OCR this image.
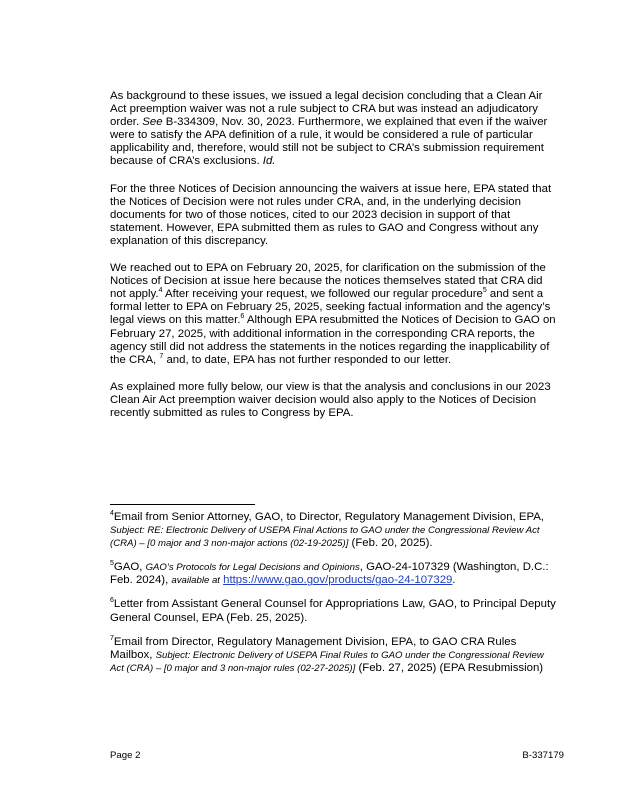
As background to these issues, we issued a legal decision concluding that a Clean Air Act preemption waiver was not a rule subject to CRA but was instead an adjudicatory order. See B-334309, Nov. 30, 2023. Furthermore, we explained that even if the waiver were to satisfy the APA definition of a rule, it would be considered a rule of particular applicability and, therefore, would still not be subject to CRA’s submission requirement because of CRA’s exclusions. Id.

For the three Notices of Decision announcing the waivers at issue here, EPA stated that the Notices of Decision were not rules under CRA, and, in the underlying decision documents for two of those notices, cited to our 2023 decision in support of that statement. However, EPA submitted them as rules to GAO and Congress without any explanation of this discrepancy.

We reached out to EPA on February 20, 2025, for clarification on the submission of the Notices of Decision at issue here because the notices themselves stated that CRA did not apply.$^4$ After receiving your request, we followed our regular procedure$^5$ and sent a formal letter to EPA on February 25, 2025, seeking factual information and the agency’s legal views on this matter.$^6$ Although EPA resubmitted the Notices of Decision to GAO on February 27, 2025, with additional information in the corresponding CRA reports, the agency still did not address the statements in the notices regarding the inapplicability of the CRA, $^7$ and, to date, EPA has not further responded to our letter.

As explained more fully below, our view is that the analysis and conclusions in our 2023 Clean Air Act preemption waiver decision would also apply to the Notices of Decision recently submitted as rules to Congress by EPA.

$^4$Email from Senior Attorney, GAO, to Director, Regulatory Management Division, EPA, Subject: RE: Electronic Delivery of USEPA Final Actions to GAO under the Congressional Review Act (CRA) – [0 major and 3 non-major actions (02-19-2025)] (Feb. 20, 2025).

$^5$GAO, GAO’s Protocols for Legal Decisions and Opinions, GAO-24-107329 (Washington, D.C.: Feb. 2024), available at https://www.gao.gov/products/gao-24-107329.

$^6$Letter from Assistant General Counsel for Appropriations Law, GAO, to Principal Deputy General Counsel, EPA (Feb. 25, 2025).

$^7$Email from Director, Regulatory Management Division, EPA, to GAO CRA Rules Mailbox, Subject: Electronic Delivery of USEPA Final Rules to GAO under the Congressional Review Act (CRA) – [0 major and 3 non-major rules (02-27-2025)] (Feb. 27, 2025) (EPA Resubmission)

Page 2	B-337179
